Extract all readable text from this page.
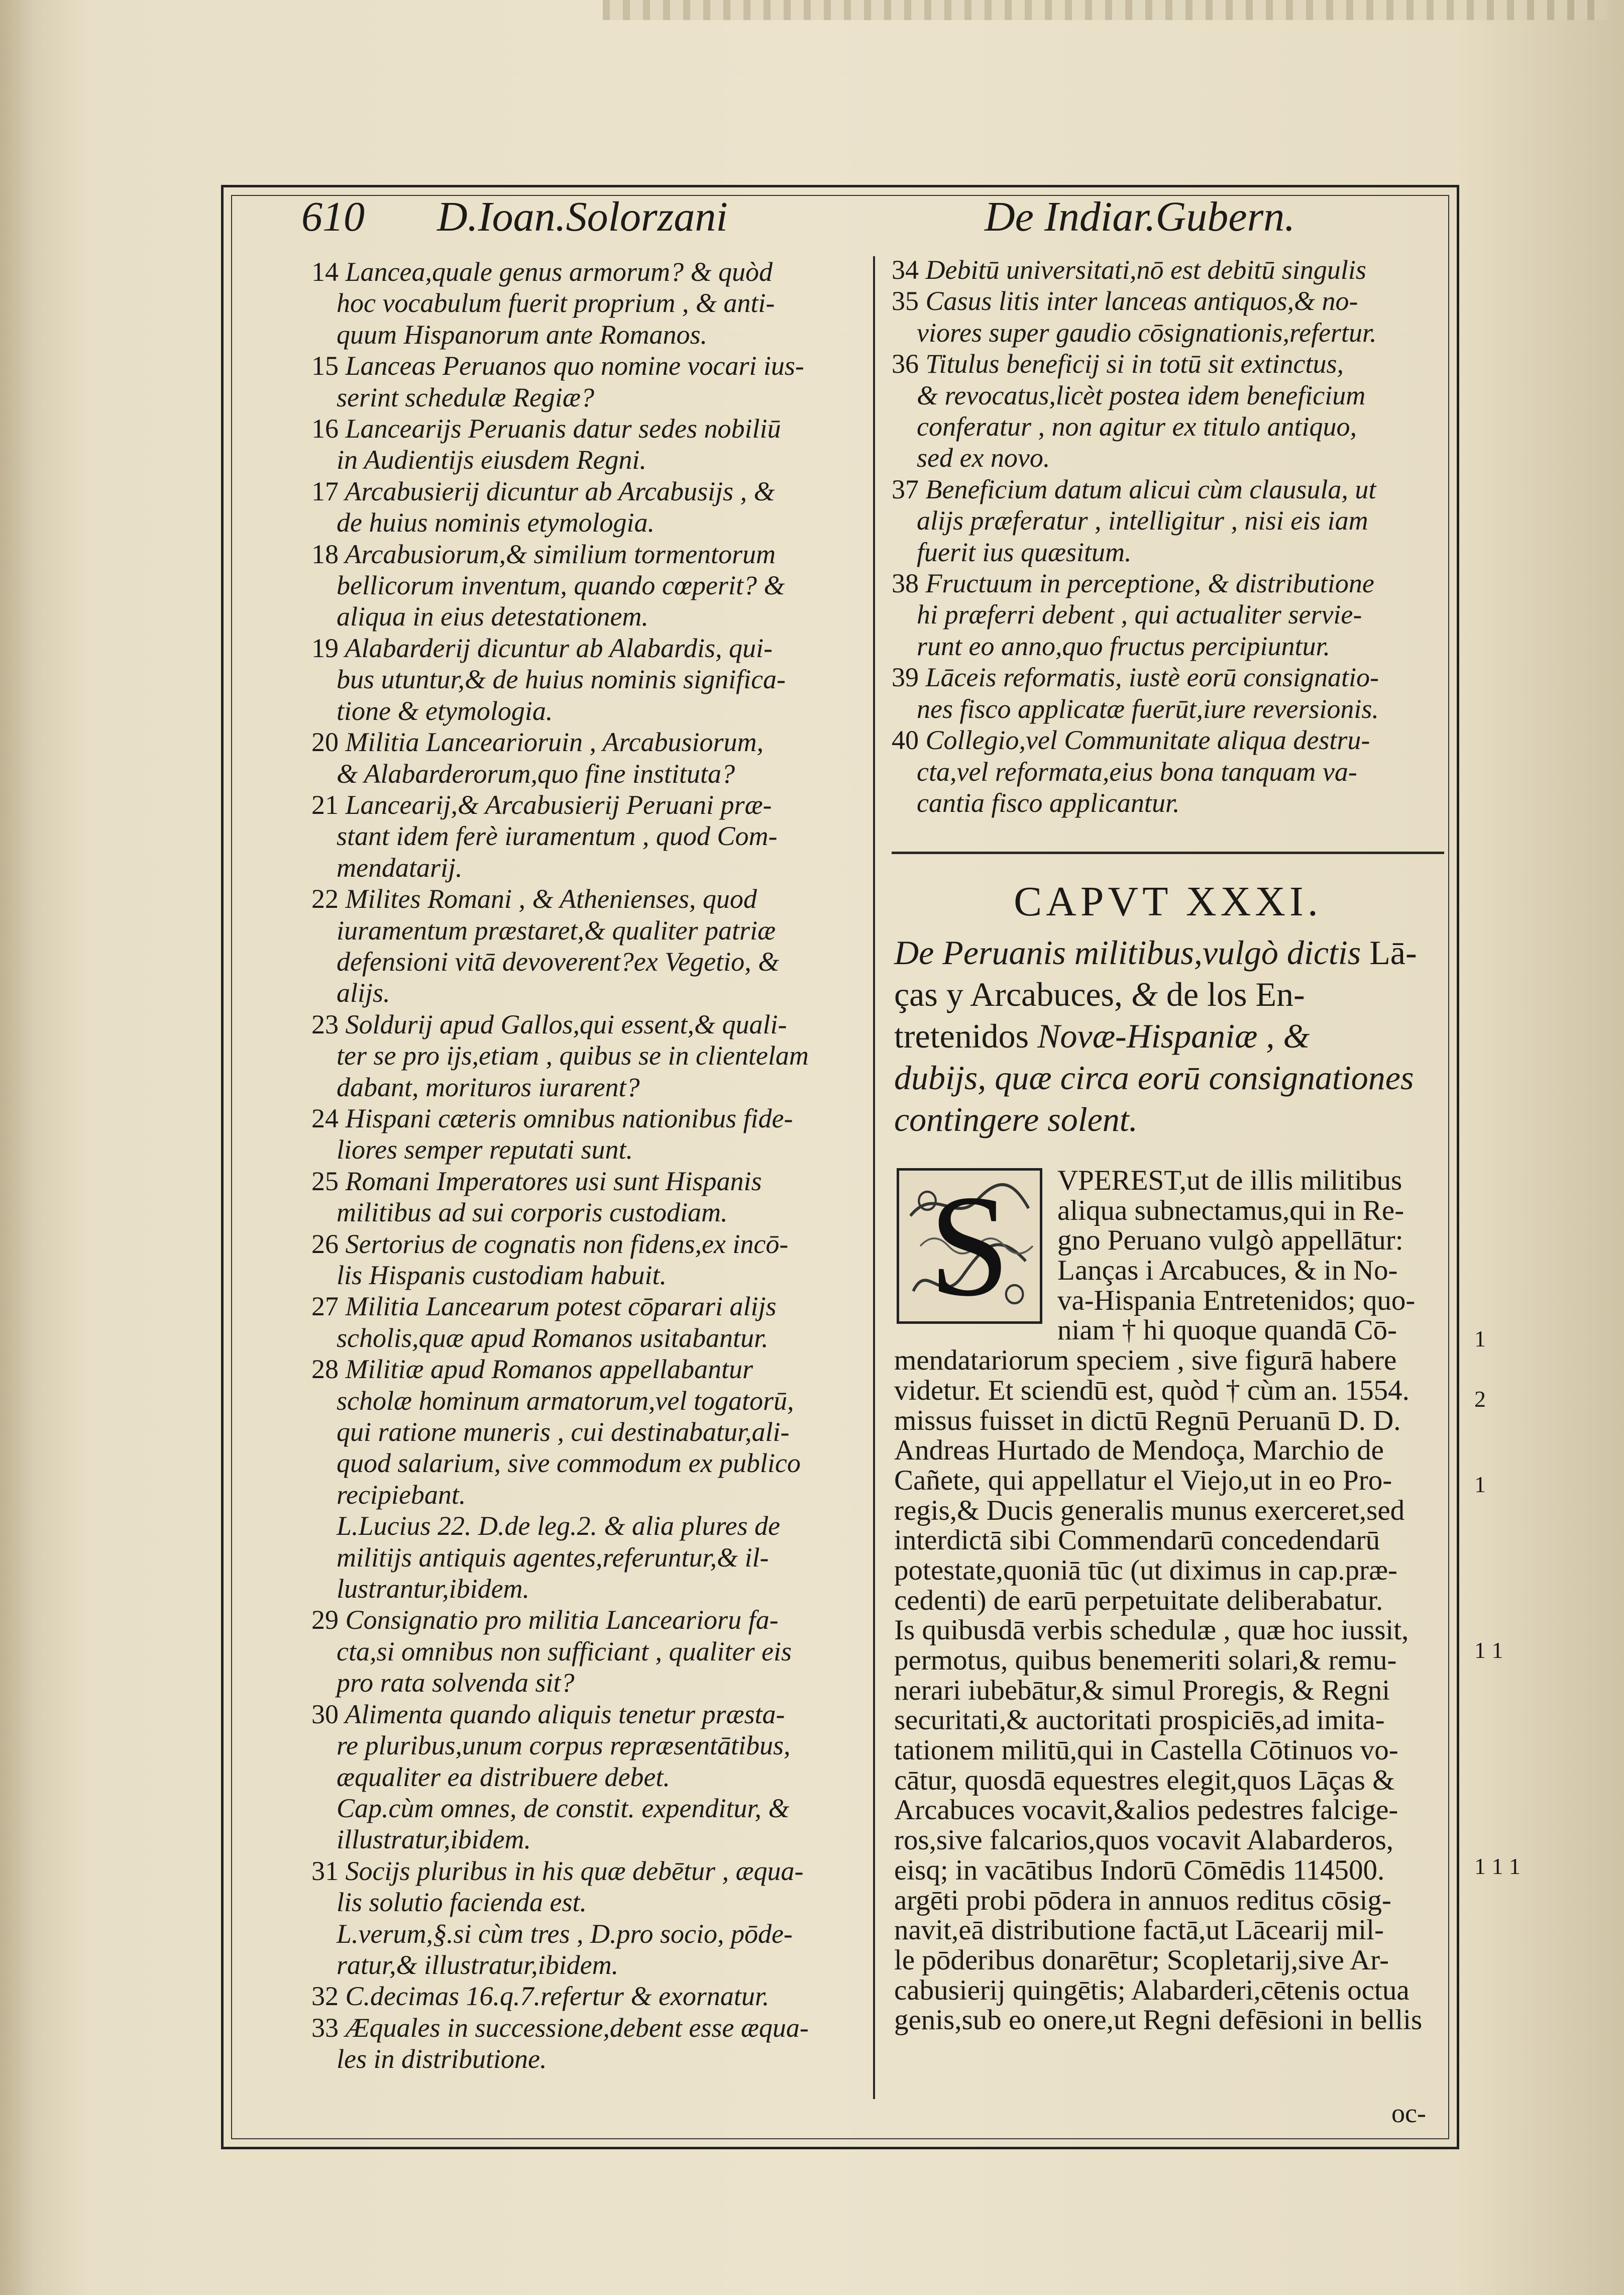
610 D.Ioan.Solorzani	De Indiar.Gubern.
14 Lancea,quale genus armorum? & quòd
hoc vocabulum fuerit proprium , & anti-
quum Hispanorum ante Romanos.
15 Lanceas Peruanos quo nomine vocari ius-
serint schedulæ Regiæ?
16 Lancearijs Peruanis datur sedes nobiliū
in Audientijs eiusdem Regni.
17 Arcabusierij dicuntur ab Arcabusijs , &
de huius nominis etymologia.
18 Arcabusiorum,& similium tormentorum
bellicorum inventum, quando cœperit? &
aliqua in eius detestationem.
19 Alabarderij dicuntur ab Alabardis, qui-
bus utuntur,& de huius nominis significa-
tione & etymologia.
20 Militia Lancearioruin , Arcabusiorum,
& Alabarderorum,quo fine instituta?
21 Lancearij,& Arcabusierij Peruani præ-
stant idem ferè iuramentum , quod Com-
mendatarij.
22 Milites Romani , & Athenienses, quod
iuramentum præstaret,& qualiter patriæ
defensioni vitā devoverent?ex Vegetio, &
alijs.
23 Soldurij apud Gallos,qui essent,& quali-
ter se pro ijs,etiam , quibus se in clientelam
dabant, morituros iurarent?
24 Hispani cæteris omnibus nationibus fide-
liores semper reputati sunt.
25 Romani Imperatores usi sunt Hispanis
militibus ad sui corporis custodiam.
26 Sertorius de cognatis non fidens,ex incō-
lis Hispanis custodiam habuit.
27 Militia Lancearum potest cōparari alijs
scholis,quæ apud Romanos usitabantur.
28 Militiæ apud Romanos appellabantur
scholæ hominum armatorum,vel togatorū,
qui ratione muneris , cui destinabatur,ali-
quod salarium, sive commodum ex publico
recipiebant.
L.Lucius 22. D.de leg.2. & alia plures de
militijs antiquis agentes,referuntur,& il-
lustrantur,ibidem.
29 Consignatio pro militia Lancearioru fa-
cta,si omnibus non sufficiant , qualiter eis
pro rata solvenda sit?
30 Alimenta quando aliquis tenetur præsta-
re pluribus,unum corpus repræsentātibus,
æqualiter ea distribuere debet.
Cap.cùm omnes, de constit. expenditur, &
illustratur,ibidem.
31 Socijs pluribus in his quæ debētur , æqua-
lis solutio facienda est.
L.verum,§.si cùm tres , D.pro socio, pōde-
ratur,& illustratur,ibidem.
32 C.decimas 16.q.7.refertur & exornatur.
33 Æquales in successione,debent esse æqua-
les in distributione.
34 Debitū universitati,nō est debitū singulis
35 Casus litis inter lanceas antiquos,& no-
viores super gaudio cōsignationis,refertur.
36 Titulus beneficij si in totū sit extinctus,
& revocatus,licèt postea idem beneficium
conferatur , non agitur ex titulo antiquo,
sed ex novo.
37 Beneficium datum alicui cùm clausula, ut
alijs præferatur , intelligitur , nisi eis iam
fuerit ius quæsitum.
38 Fructuum in perceptione, & distributione
hi præferri debent , qui actualiter servie-
runt eo anno,quo fructus percipiuntur.
39 Lāceis reformatis, iustè eorū consignatio-
nes fisco applicatæ fuerūt,iure reversionis.
40 Collegio,vel Communitate aliqua destru-
cta,vel reformata,eius bona tanquam va-
cantia fisco applicantur.
CAPVT XXXI.
De Peruanis militibus,vulgò dictis Lā-
ças y Arcabuces, & de los En-
tretenidos Novæ-Hispaniæ , &
dubijs, quæ circa eorū consignationes
contingere solent.
S	VPEREST,ut de illis militibus
aliqua subnectamus,qui in Re-
gno Peruano vulgò appellātur:
Lanças i Arcabuces, & in No-
va-Hispania Entretenidos; quo-
niam † hi quoque quandā Cō-
mendatariorum speciem , sive figurā habere
videtur. Et sciendū est, quòd † cùm an. 1554.
missus fuisset in dictū Regnū Peruanū D. D.
Andreas Hurtado de Mendoça, Marchio de
Cañete, qui appellatur el Viejo,ut in eo Pro-
regis,& Ducis generalis munus exerceret,sed
interdictā sibi Commendarū concedendarū
potestate,quoniā tūc (ut diximus in cap.præ-
cedenti) de earū perpetuitate deliberabatur.
Is quibusdā verbis schedulæ , quæ hoc iussit,
permotus, quibus benemeriti solari,& remu-
nerari iubebātur,& simul Proregis, & Regni
securitati,& auctoritati prospiciēs,ad imita-
tationem militū,qui in Castella Cōtinuos vo-
cātur, quosdā equestres elegit,quos Lāças &
Arcabuces vocavit,&alios pedestres falcige-
ros,sive falcarios,quos vocavit Alabarderos,
eisq; in vacātibus Indorū Cōmēdis 114500.
argēti probi pōdera in annuos reditus cōsig-
navit,eā distributione factā,ut Lācearij mil-
le pōderibus donarētur; Scopletarij,sive Ar-
cabusierij quingētis; Alabarderi,cētenis octua
genis,sub eo onere,ut Regni defēsioni in bellis
1
2
1
1 1
1 1 1
oc-
